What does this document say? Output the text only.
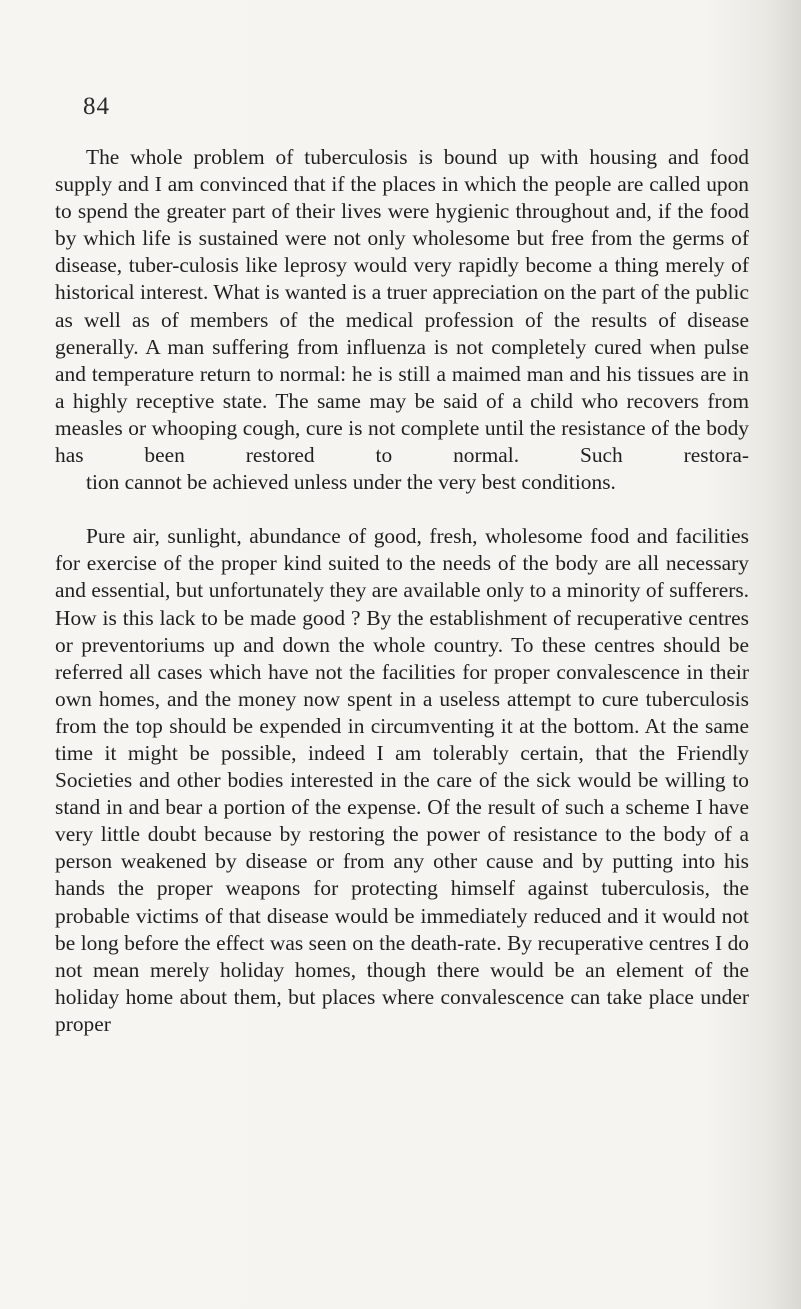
84

The whole problem of tuberculosis is bound up with housing and food supply and I am convinced that if the places in which the people are called upon to spend the greater part of their lives were hygienic throughout and, if the food by which life is sustained were not only wholesome but free from the germs of disease, tuber-culosis like leprosy would very rapidly become a thing merely of historical interest. What is wanted is a truer appreciation on the part of the public as well as of members of the medical profession of the results of disease generally. A man suffering from influenza is not completely cured when pulse and temperature return to normal: he is still a maimed man and his tissues are in a highly receptive state. The same may be said of a child who recovers from measles or whooping cough, cure is not complete until the resistance of the body has been restored to normal. Such restora-
tion cannot be achieved unless under the very best conditions.

Pure air, sunlight, abundance of good, fresh, wholesome food and facilities for exercise of the proper kind suited to the needs of the body are all necessary and essential, but unfortunately they are available only to a minority of sufferers. How is this lack to be made good ? By the establishment of recuperative centres or preventoriums up and down the whole country. To these centres should be referred all cases which have not the facilities for proper convalescence in their own homes, and the money now spent in a useless attempt to cure tuberculosis from the top should be expended in circumventing it at the bottom. At the same time it might be possible, indeed I am tolerably certain, that the Friendly Societies and other bodies interested in the care of the sick would be willing to stand in and bear a portion of the expense. Of the result of such a scheme I have very little doubt because by restoring the power of resistance to the body of a person weakened by disease or from any other cause and by putting into his hands the proper weapons for protecting himself against tuberculosis, the probable victims of that disease would be immediately reduced and it would not be long before the effect was seen on the death-rate. By recuperative centres I do not mean merely holiday homes, though there would be an element of the holiday home about them, but places where convalescence can take place under proper
